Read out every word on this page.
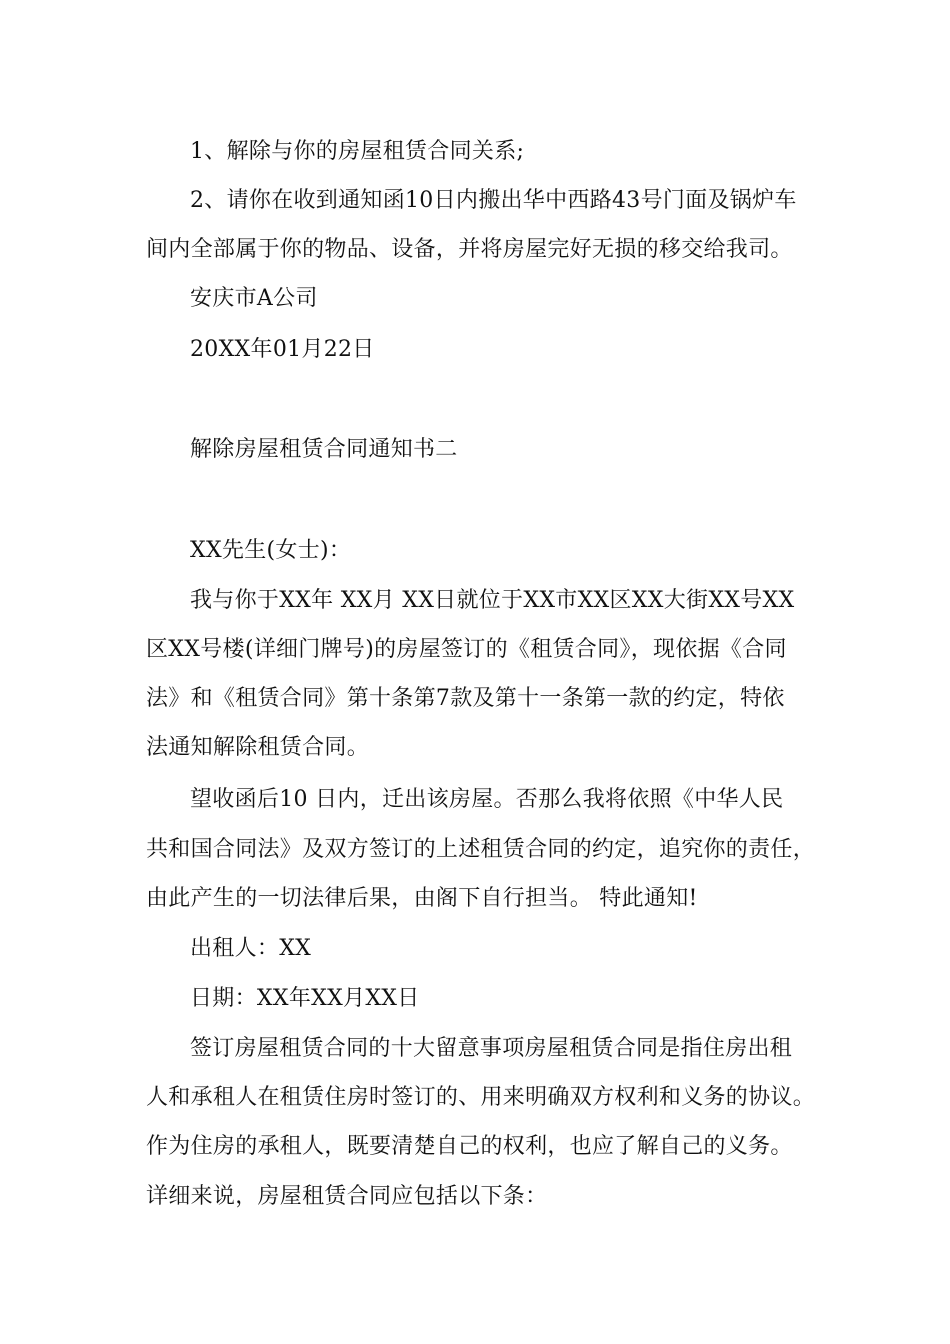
1、解除与你的房屋租赁合同关系;
2、请你在收到通知函10日内搬出华中西路43号门面及锅炉车
间内全部属于你的物品、设备，并将房屋完好无损的移交给我司。
安庆市A公司
20XX年01月22日
解除房屋租赁合同通知书二
XX先生(女士)：
我与你于XX年 XX月 XX日就位于XX市XX区XX大街XX号XX
区XX号楼(详细门牌号)的房屋签订的《租赁合同》，现依据《合同
法》和《租赁合同》第十条第7款及第十一条第一款的约定，特依
法通知解除租赁合同。
望收函后10 日内，迁出该房屋。否那么我将依照《中华人民
共和国合同法》及双方签订的上述租赁合同的约定，追究你的责任，
由此产生的一切法律后果，由阁下自行担当。 特此通知!
出租人：XX
日期：XX年XX月XX日
签订房屋租赁合同的十大留意事项房屋租赁合同是指住房出租
人和承租人在租赁住房时签订的、用来明确双方权利和义务的协议。
作为住房的承租人，既要清楚自己的权利，也应了解自己的义务。
详细来说，房屋租赁合同应包括以下条：
